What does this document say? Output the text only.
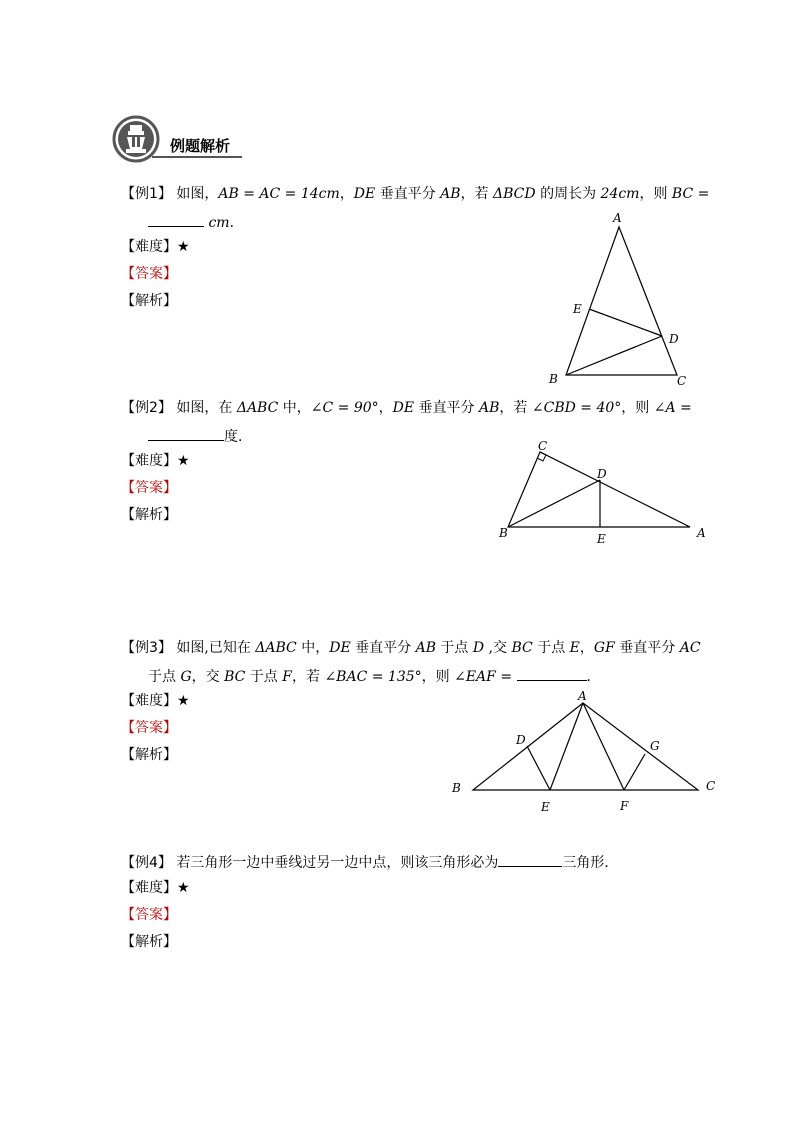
例题解析
【例1】 如图，AB = AC = 14cm，DE 垂直平分 AB，若 ΔBCD 的周长为 24cm，则 BC =
cm．
【难度】★
【答案】
【解析】
A
E
D
B	C
【例2】 如图，在 ΔABC 中，∠C = 90°，DE 垂直平分 AB，若 ∠CBD = 40°，则 ∠A =
度．
【难度】★
【答案】
【解析】
C
D
B	E	A
【例3】 如图,已知在 ΔABC 中，DE 垂直平分 AB 于点 D ,交 BC 于点 E，GF 垂直平分 AC
于点 G，交 BC 于点 F，若 ∠BAC = 135°，则 ∠EAF =	．
【难度】★
【答案】
【解析】
A
D	G
B	C
E	F
【例4】 若三角形一边中垂线过另一边中点，则该三角形必为	三角形．
【难度】★
【答案】
【解析】
